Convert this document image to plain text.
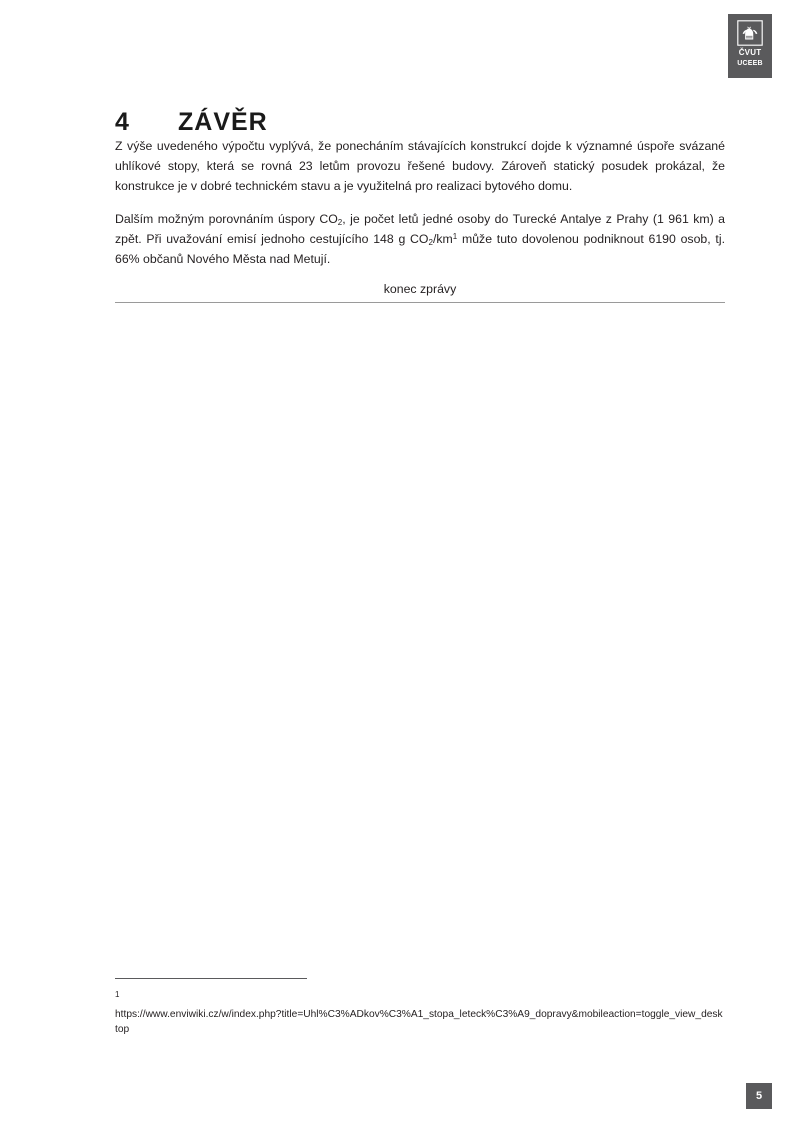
ČVUT
UCEEB
4	ZÁVĚR

Z výše uvedeného výpočtu vyplývá, že ponecháním stávajících konstrukcí dojde k významné úspoře svázané uhlíkové stopy, která se rovná 23 letům provozu řešené budovy. Zároveň statický posudek prokázal, že konstrukce je v dobré technickém stavu a je využitelná pro realizaci bytového domu.

Dalším možným porovnáním úspory $CO_2$, je počet letů jedné osoby do Turecké Antalye z Prahy (1 961 km) a zpět. Při uvažování emisí jednoho cestujícího 148 g $CO_2/km^1$ může tuto dovolenou podniknout 6190 osob, tj. 66% občanů Nového Města nad Metují.

konec zprávy

1

https://www.enviwiki.cz/w/index.php?title=Uhl%C3%ADkov%C3%A1_stopa_leteck%C3%A9_dopravy&mobileaction=toggle_view_desktop

5
